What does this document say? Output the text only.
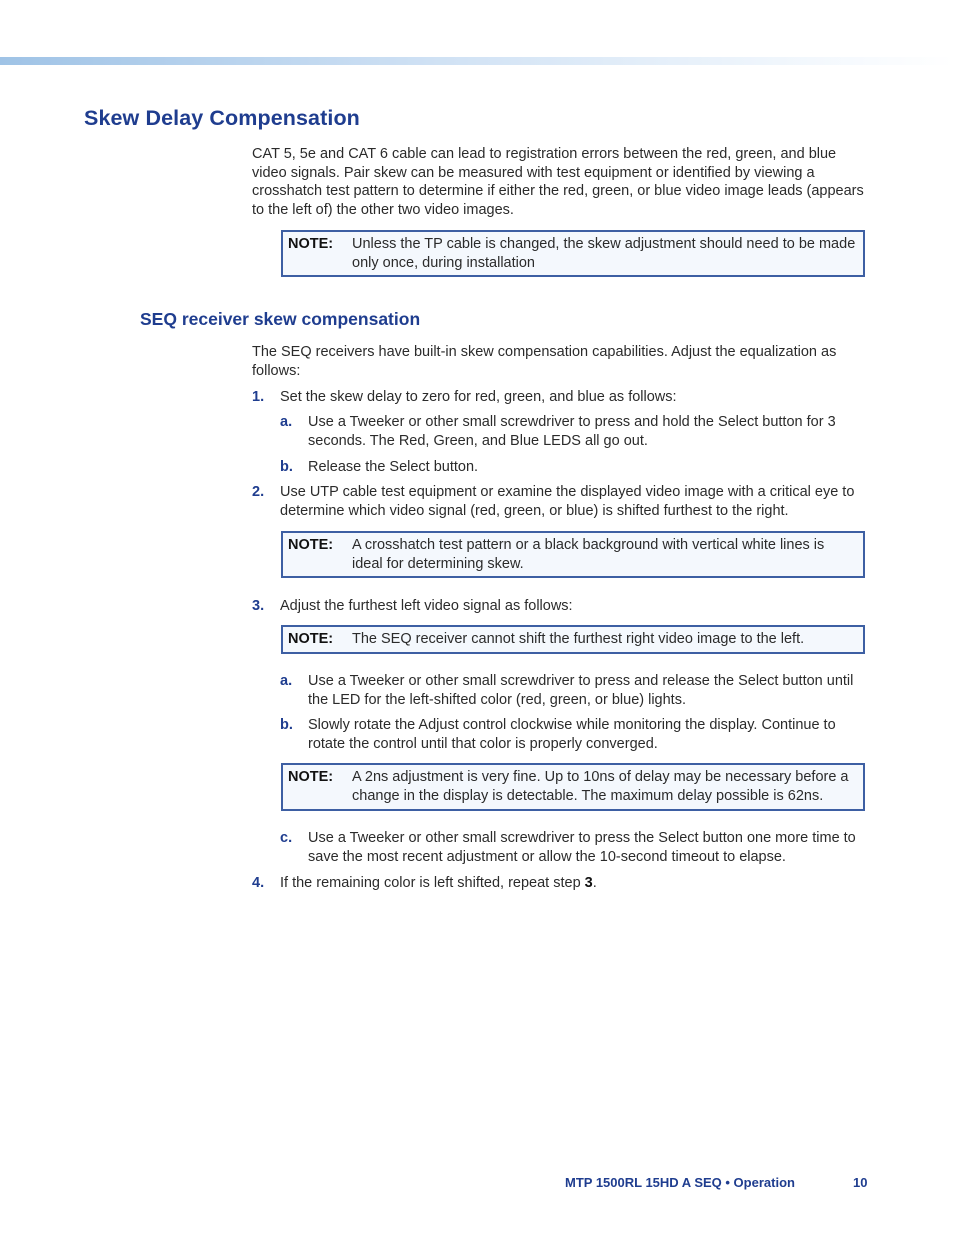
Skew Delay Compensation

CAT 5, 5e and CAT 6 cable can lead to registration errors between the red, green, and blue video signals. Pair skew can be measured with test equipment or identified by viewing a crosshatch test pattern to determine if either the red, green, or blue video image leads (appears to the left of) the other two video images.

NOTE: Unless the TP cable is changed, the skew adjustment should need to be made only once, during installation
SEQ receiver skew compensation

The SEQ receivers have built-in skew compensation capabilities. Adjust the equalization as follows:

1.	Set the skew delay to zero for red, green, and blue as follows:
a.	Use a Tweeker or other small screwdriver to press and hold the Select button for 3 seconds. The Red, Green, and Blue LEDS all go out.
b.	Release the Select button.
2.	Use UTP cable test equipment or examine the displayed video image with a critical eye to determine which video signal (red, green, or blue) is shifted furthest to the right.
NOTE: A crosshatch test pattern or a black background with vertical white lines is ideal for determining skew.
3.	Adjust the furthest left video signal as follows:
NOTE: The SEQ receiver cannot shift the furthest right video image to the left.
a.	Use a Tweeker or other small screwdriver to press and release the Select button until the LED for the left-shifted color (red, green, or blue) lights.
b.	Slowly rotate the Adjust control clockwise while monitoring the display. Continue to rotate the control until that color is properly converged.
NOTE: A 2ns adjustment is very fine. Up to 10ns of delay may be necessary before a change in the display is detectable. The maximum delay possible is 62ns.
c.	Use a Tweeker or other small screwdriver to press the Select button one more time to save the most recent adjustment or allow the 10-second timeout to elapse.
4.	If the remaining color is left shifted, repeat step 3.
MTP 1500RL 15HD A SEQ • Operation	10
